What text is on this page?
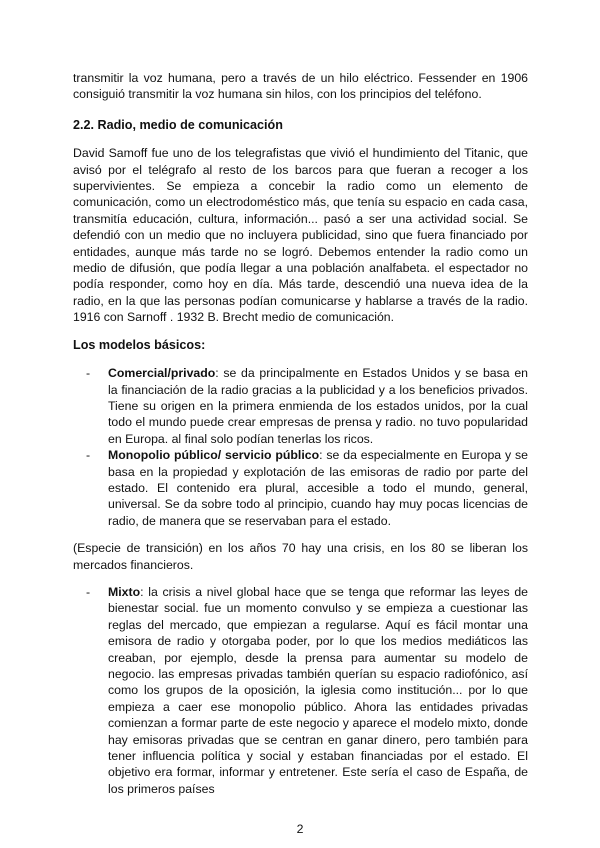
transmitir la voz humana, pero a través de un hilo eléctrico. Fessender en 1906 consiguió transmitir la voz humana sin hilos, con los principios del teléfono.

2.2. Radio, medio de comunicación

David Samoff fue uno de los telegrafistas que vivió el hundimiento del Titanic, que avisó por el telégrafo al resto de los barcos para que fueran a recoger a los supervivientes. Se empieza a concebir la radio como un elemento de comunicación, como un electrodoméstico más, que tenía su espacio en cada casa, transmitía educación, cultura, información... pasó a ser una actividad social. Se defendió con un medio que no incluyera publicidad, sino que fuera financiado por entidades, aunque más tarde no se logró. Debemos entender la radio como un medio de difusión, que podía llegar a una población analfabeta. el espectador no podía responder, como hoy en día. Más tarde, descendió una nueva idea de la radio, en la que las personas podían comunicarse y hablarse a través de la radio. 1916 con Sarnoff . 1932 B. Brecht medio de comunicación.

Los modelos básicos:

- Comercial/privado: se da principalmente en Estados Unidos y se basa en la financiación de la radio gracias a la publicidad y a los beneficios privados. Tiene su origen en la primera enmienda de los estados unidos, por la cual todo el mundo puede crear empresas de prensa y radio. no tuvo popularidad en Europa. al final solo podían tenerlas los ricos.
- Monopolio público/ servicio público: se da especialmente en Europa y se basa en la propiedad y explotación de las emisoras de radio por parte del estado. El contenido era plural, accesible a todo el mundo, general, universal. Se da sobre todo al principio, cuando hay muy pocas licencias de radio, de manera que se reservaban para el estado.

(Especie de transición) en los años 70 hay una crisis, en los 80 se liberan los mercados financieros.

- Mixto: la crisis a nivel global hace que se tenga que reformar las leyes de bienestar social. fue un momento convulso y se empieza a cuestionar las reglas del mercado, que empiezan a regularse. Aquí es fácil montar una emisora de radio y otorgaba poder, por lo que los medios mediáticos las creaban, por ejemplo, desde la prensa para aumentar su modelo de negocio. las empresas privadas también querían su espacio radiofónico, así como los grupos de la oposición, la iglesia como institución... por lo que empieza a caer ese monopolio público. Ahora las entidades privadas comienzan a formar parte de este negocio y aparece el modelo mixto, donde hay emisoras privadas que se centran en ganar dinero, pero también para tener influencia política y social y estaban financiadas por el estado. El objetivo era formar, informar y entretener. Este sería el caso de España, de los primeros países
2
